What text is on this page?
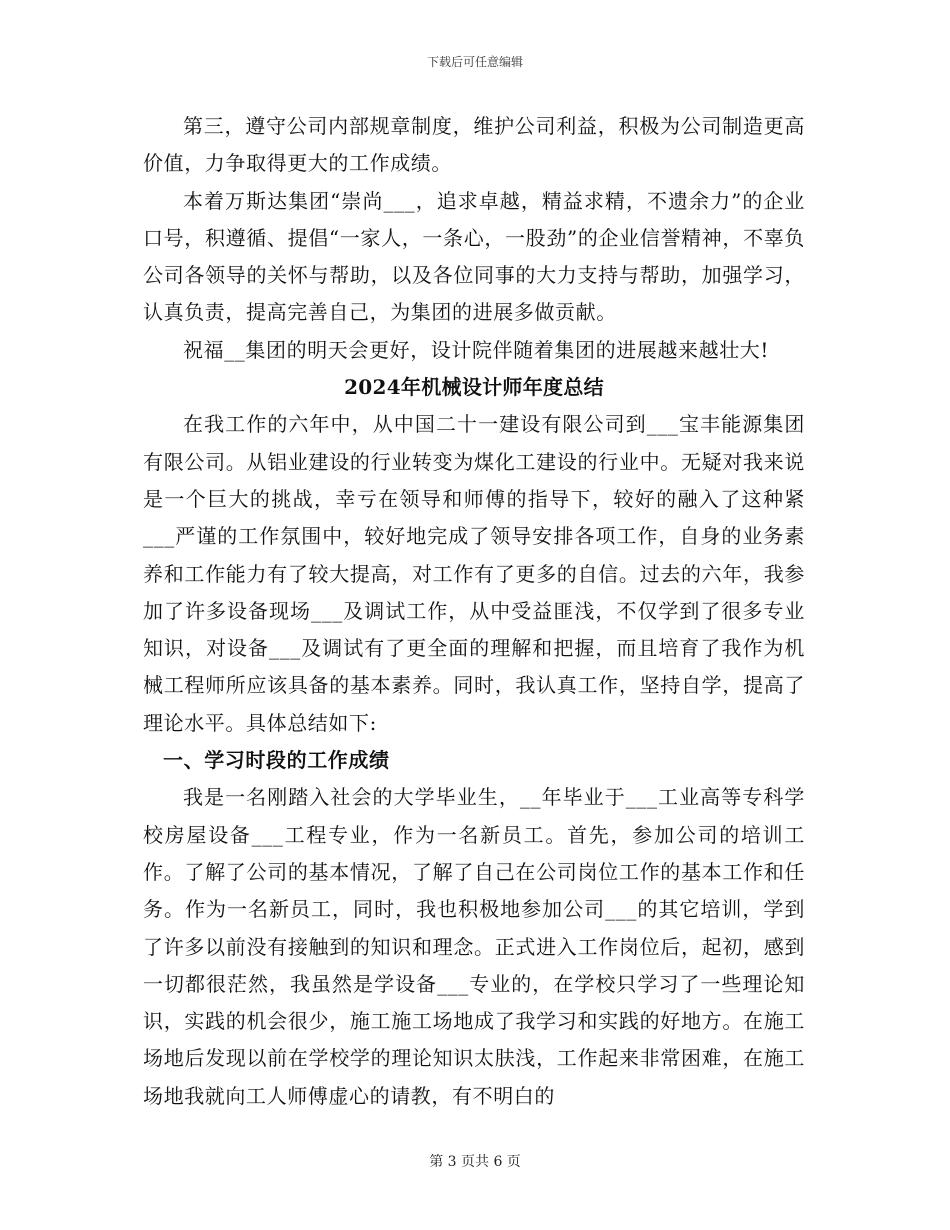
下载后可任意编辑

第三，遵守公司内部规章制度，维护公司利益，积极为公司制造更高价值，力争取得更大的工作成绩。

本着万斯达集团“崇尚___，追求卓越，精益求精，不遗余力”的企业口号，积遵循、提倡“一家人，一条心，一股劲”的企业信誉精神，不辜负公司各领导的关怀与帮助，以及各位同事的大力支持与帮助，加强学习，认真负责，提高完善自己，为集团的进展多做贡献。

祝福__集团的明天会更好，设计院伴随着集团的进展越来越壮大!

2024年机械设计师年度总结

在我工作的六年中，从中国二十一建设有限公司到___宝丰能源集团有限公司。从铝业建设的行业转变为煤化工建设的行业中。无疑对我来说是一个巨大的挑战，幸亏在领导和师傅的指导下，较好的融入了这种紧___严谨的工作氛围中，较好地完成了领导安排各项工作，自身的业务素养和工作能力有了较大提高，对工作有了更多的自信。过去的六年，我参加了许多设备现场___及调试工作，从中受益匪浅，不仅学到了很多专业知识，对设备___及调试有了更全面的理解和把握，而且培育了我作为机械工程师所应该具备的基本素养。同时，我认真工作，坚持自学，提高了理论水平。具体总结如下:

一、学习时段的工作成绩

我是一名刚踏入社会的大学毕业生，__年毕业于___工业高等专科学校房屋设备___工程专业，作为一名新员工。首先，参加公司的培训工作。了解了公司的基本情况，了解了自己在公司岗位工作的基本工作和任务。作为一名新员工，同时，我也积极地参加公司___的其它培训，学到了许多以前没有接触到的知识和理念。正式进入工作岗位后，起初，感到一切都很茫然，我虽然是学设备___专业的，在学校只学习了一些理论知识，实践的机会很少，施工施工场地成了我学习和实践的好地方。在施工场地后发现以前在学校学的理论知识太肤浅，工作起来非常困难，在施工场地我就向工人师傅虚心的请教，有不明白的

第 3 页共 6 页
